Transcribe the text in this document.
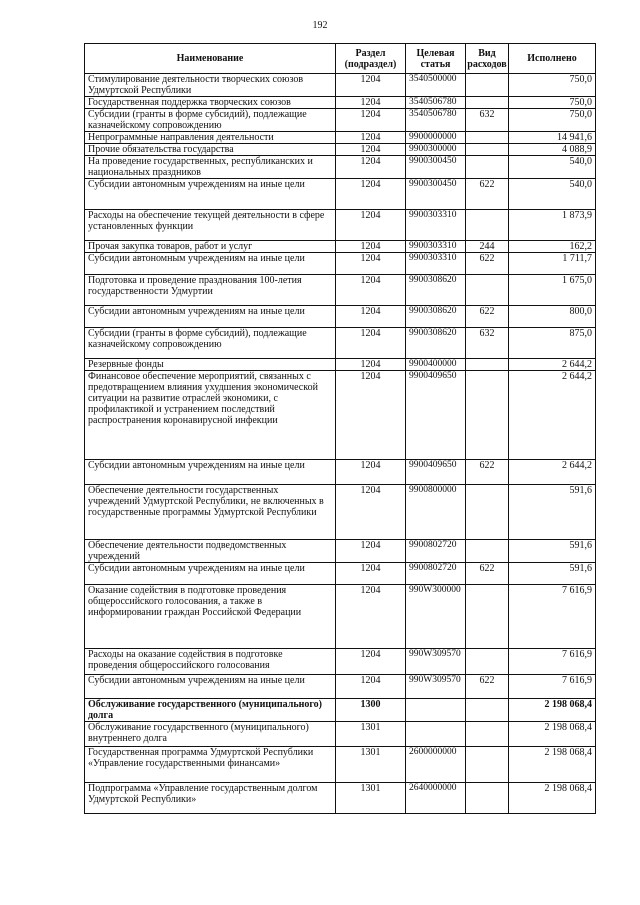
192
Наименование	Раздел (подраздел)	Целевая статья	Вид расходов	Исполнено
Стимулирование деятельности творческих союзов Удмуртской Республики	1204	3540500000		750,0
Государственная поддержка творческих союзов	1204	3540506780		750,0
Субсидии (гранты в форме субсидий), подлежащие казначейскому сопровождению	1204	3540506780	632	750,0
Непрограммные направления деятельности	1204	9900000000		14 941,6
Прочие обязательства государства	1204	9900300000		4 088,9
На проведение государственных, республиканских и национальных праздников	1204	9900300450		540,0
Субсидии автономным учреждениям на иные цели	1204	9900300450	622	540,0
Расходы на обеспечение текущей деятельности в сфере установленных функции	1204	9900303310		1 873,9
Прочая закупка товаров, работ и услуг	1204	9900303310	244	162,2
Субсидии автономным учреждениям на иные цели	1204	9900303310	622	1 711,7
Подготовка и проведение празднования 100-летия государственности Удмуртии	1204	9900308620		1 675,0
Субсидии автономным учреждениям на иные цели	1204	9900308620	622	800,0
Субсидии (гранты в форме субсидий), подлежащие казначейскому сопровождению	1204	9900308620	632	875,0
Резервные фонды	1204	9900400000		2 644,2
Финансовое обеспечение мероприятий, связанных с предотвращением влияния ухудшения экономической ситуации на развитие отраслей экономики, с профилактикой и устранением последствий распространения коронавирусной инфекции	1204	9900409650		2 644,2
Субсидии автономным учреждениям на иные цели	1204	9900409650	622	2 644,2
Обеспечение деятельности государственных учреждений Удмуртской Республики, не включенных в государственные программы Удмуртской Республики	1204	9900800000		591,6
Обеспечение деятельности подведомственных учреждений	1204	9900802720		591,6
Субсидии автономным учреждениям на иные цели	1204	9900802720	622	591,6
Оказание содействия в подготовке проведения общероссийского голосования, а также в информировании граждан Российской Федерации	1204	990W300000		7 616,9
Расходы на оказание содействия в подготовке проведения общероссийского голосования	1204	990W309570		7 616,9
Субсидии автономным учреждениям на иные цели	1204	990W309570	622	7 616,9
Обслуживание государственного (муниципального) долга	1300			2 198 068,4
Обслуживание государственного (муниципального) внутреннего долга	1301			2 198 068,4
Государственная программа Удмуртской Республики «Управление государственными финансами»	1301	2600000000		2 198 068,4
Подпрограмма «Управление государственным долгом Удмуртской Республики»	1301	2640000000		2 198 068,4
